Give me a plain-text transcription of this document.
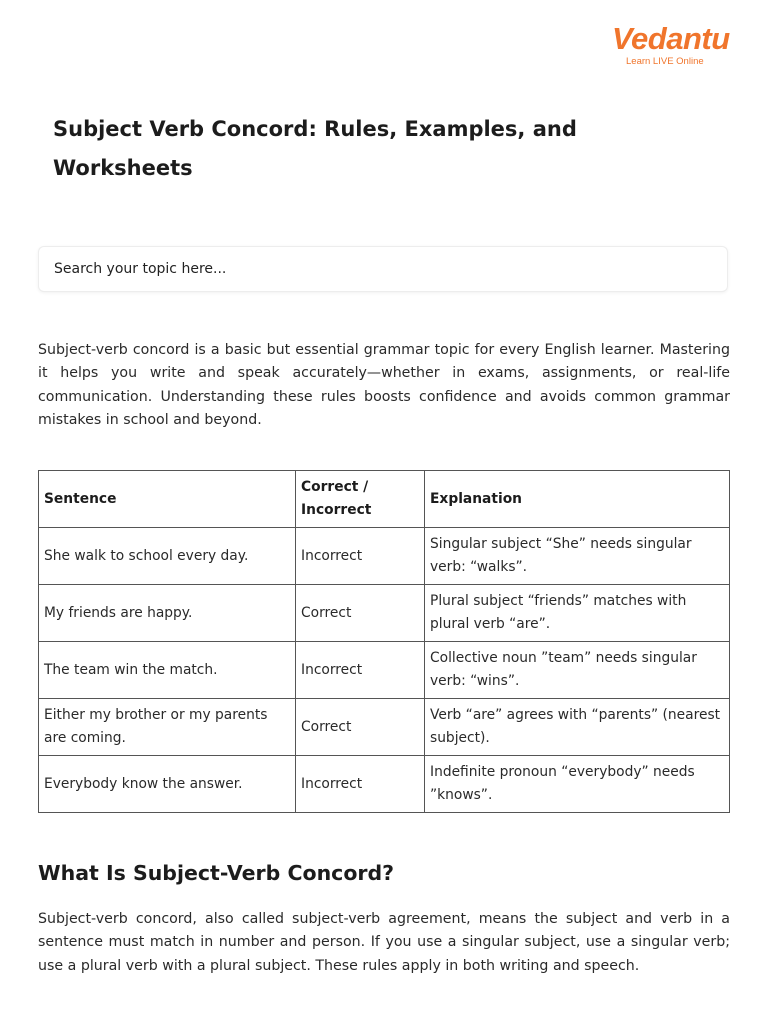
Vedantu
Learn LIVE Online
Subject Verb Concord: Rules, Examples, and Worksheets
Search your topic here...

Subject-verb concord is a basic but essential grammar topic for every English learner. Mastering it helps you write and speak accurately—whether in exams, assignments, or real-life communication. Understanding these rules boosts confidence and avoids common grammar mistakes in school and beyond.

Sentence	Correct / Incorrect	Explanation
She walk to school every day.	Incorrect	Singular subject “She” needs singular verb: “walks”.
My friends are happy.	Correct	Plural subject “friends” matches with plural verb “are”.
The team win the match.	Incorrect	Collective noun ”team” needs singular verb: “wins”.
Either my brother or my parents are coming.	Correct	Verb “are” agrees with “parents” (nearest subject).
Everybody know the answer.	Incorrect	Indefinite pronoun “everybody” needs ”knows”.
What Is Subject-Verb Concord?

Subject-verb concord, also called subject-verb agreement, means the subject and verb in a sentence must match in number and person. If you use a singular subject, use a singular verb; use a plural verb with a plural subject. These rules apply in both writing and speech.
